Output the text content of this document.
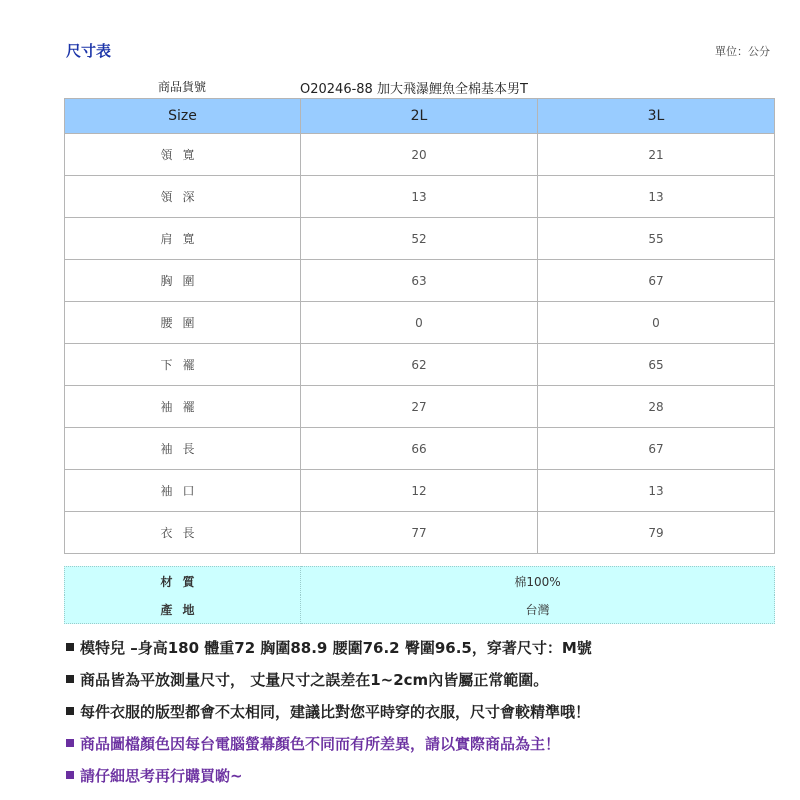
尺寸表	單位：公分
商品貨號	O20246-88 加大飛瀑鯉魚全棉基本男T
Size	2L	3L
領寬	20	21
領深	13	13
肩寬	52	55
胸圍	63	67
腰圍	0	0
下襬	62	65
袖襬	27	28
袖長	66	67
袖口	12	13
衣長	77	79
材質	棉100%
產地	台灣
模特兒 –身高180 體重72 胸圍88.9 腰圍76.2 臀圍96.5，穿著尺寸：M號
商品皆為平放測量尺寸， 丈量尺寸之誤差在1~2cm內皆屬正常範圍。
每件衣服的版型都會不太相同，建議比對您平時穿的衣服，尺寸會較精準哦！
商品圖檔顏色因每台電腦螢幕顏色不同而有所差異，請以實際商品為主！
請仔細思考再行購買喲~
